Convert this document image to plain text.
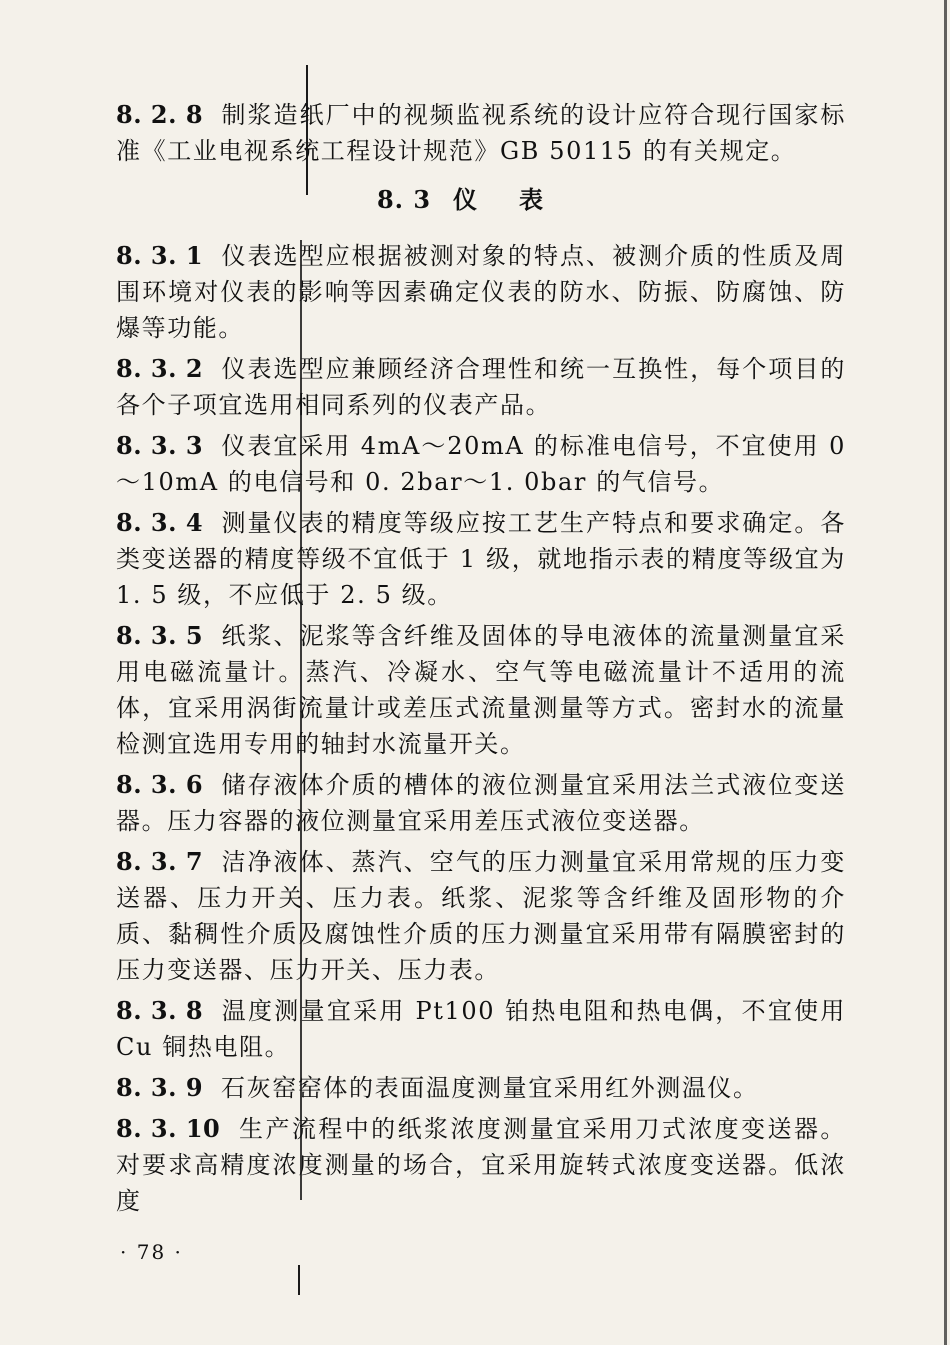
8. 2. 8 制浆造纸厂中的视频监视系统的设计应符合现行国家标准《工业电视系统工程设计规范》GB 50115 的有关规定。

8. 3 仪表

8. 3. 1 仪表选型应根据被测对象的特点、被测介质的性质及周围环境对仪表的影响等因素确定仪表的防水、防振、防腐蚀、防爆等功能。

8. 3. 2 仪表选型应兼顾经济合理性和统一互换性，每个项目的各个子项宜选用相同系列的仪表产品。

8. 3. 3 仪表宜采用 4mA～20mA 的标准电信号，不宜使用 0～10mA 的电信号和 0. 2bar～1. 0bar 的气信号。

8. 3. 4 测量仪表的精度等级应按工艺生产特点和要求确定。各类变送器的精度等级不宜低于 1 级，就地指示表的精度等级宜为 1. 5 级，不应低于 2. 5 级。

8. 3. 5 纸浆、泥浆等含纤维及固体的导电液体的流量测量宜采用电磁流量计。蒸汽、冷凝水、空气等电磁流量计不适用的流体，宜采用涡街流量计或差压式流量测量等方式。密封水的流量检测宜选用专用的轴封水流量开关。

8. 3. 6 储存液体介质的槽体的液位测量宜采用法兰式液位变送器。压力容器的液位测量宜采用差压式液位变送器。

8. 3. 7 洁净液体、蒸汽、空气的压力测量宜采用常规的压力变送器、压力开关、压力表。纸浆、泥浆等含纤维及固形物的介质、黏稠性介质及腐蚀性介质的压力测量宜采用带有隔膜密封的压力变送器、压力开关、压力表。

8. 3. 8 温度测量宜采用 Pt100 铂热电阻和热电偶，不宜使用 Cu 铜热电阻。

8. 3. 9 石灰窑窑体的表面温度测量宜采用红外测温仪。

8. 3. 10 生产流程中的纸浆浓度测量宜采用刀式浓度变送器。对要求高精度浓度测量的场合，宜采用旋转式浓度变送器。低浓度

· 78 ·
